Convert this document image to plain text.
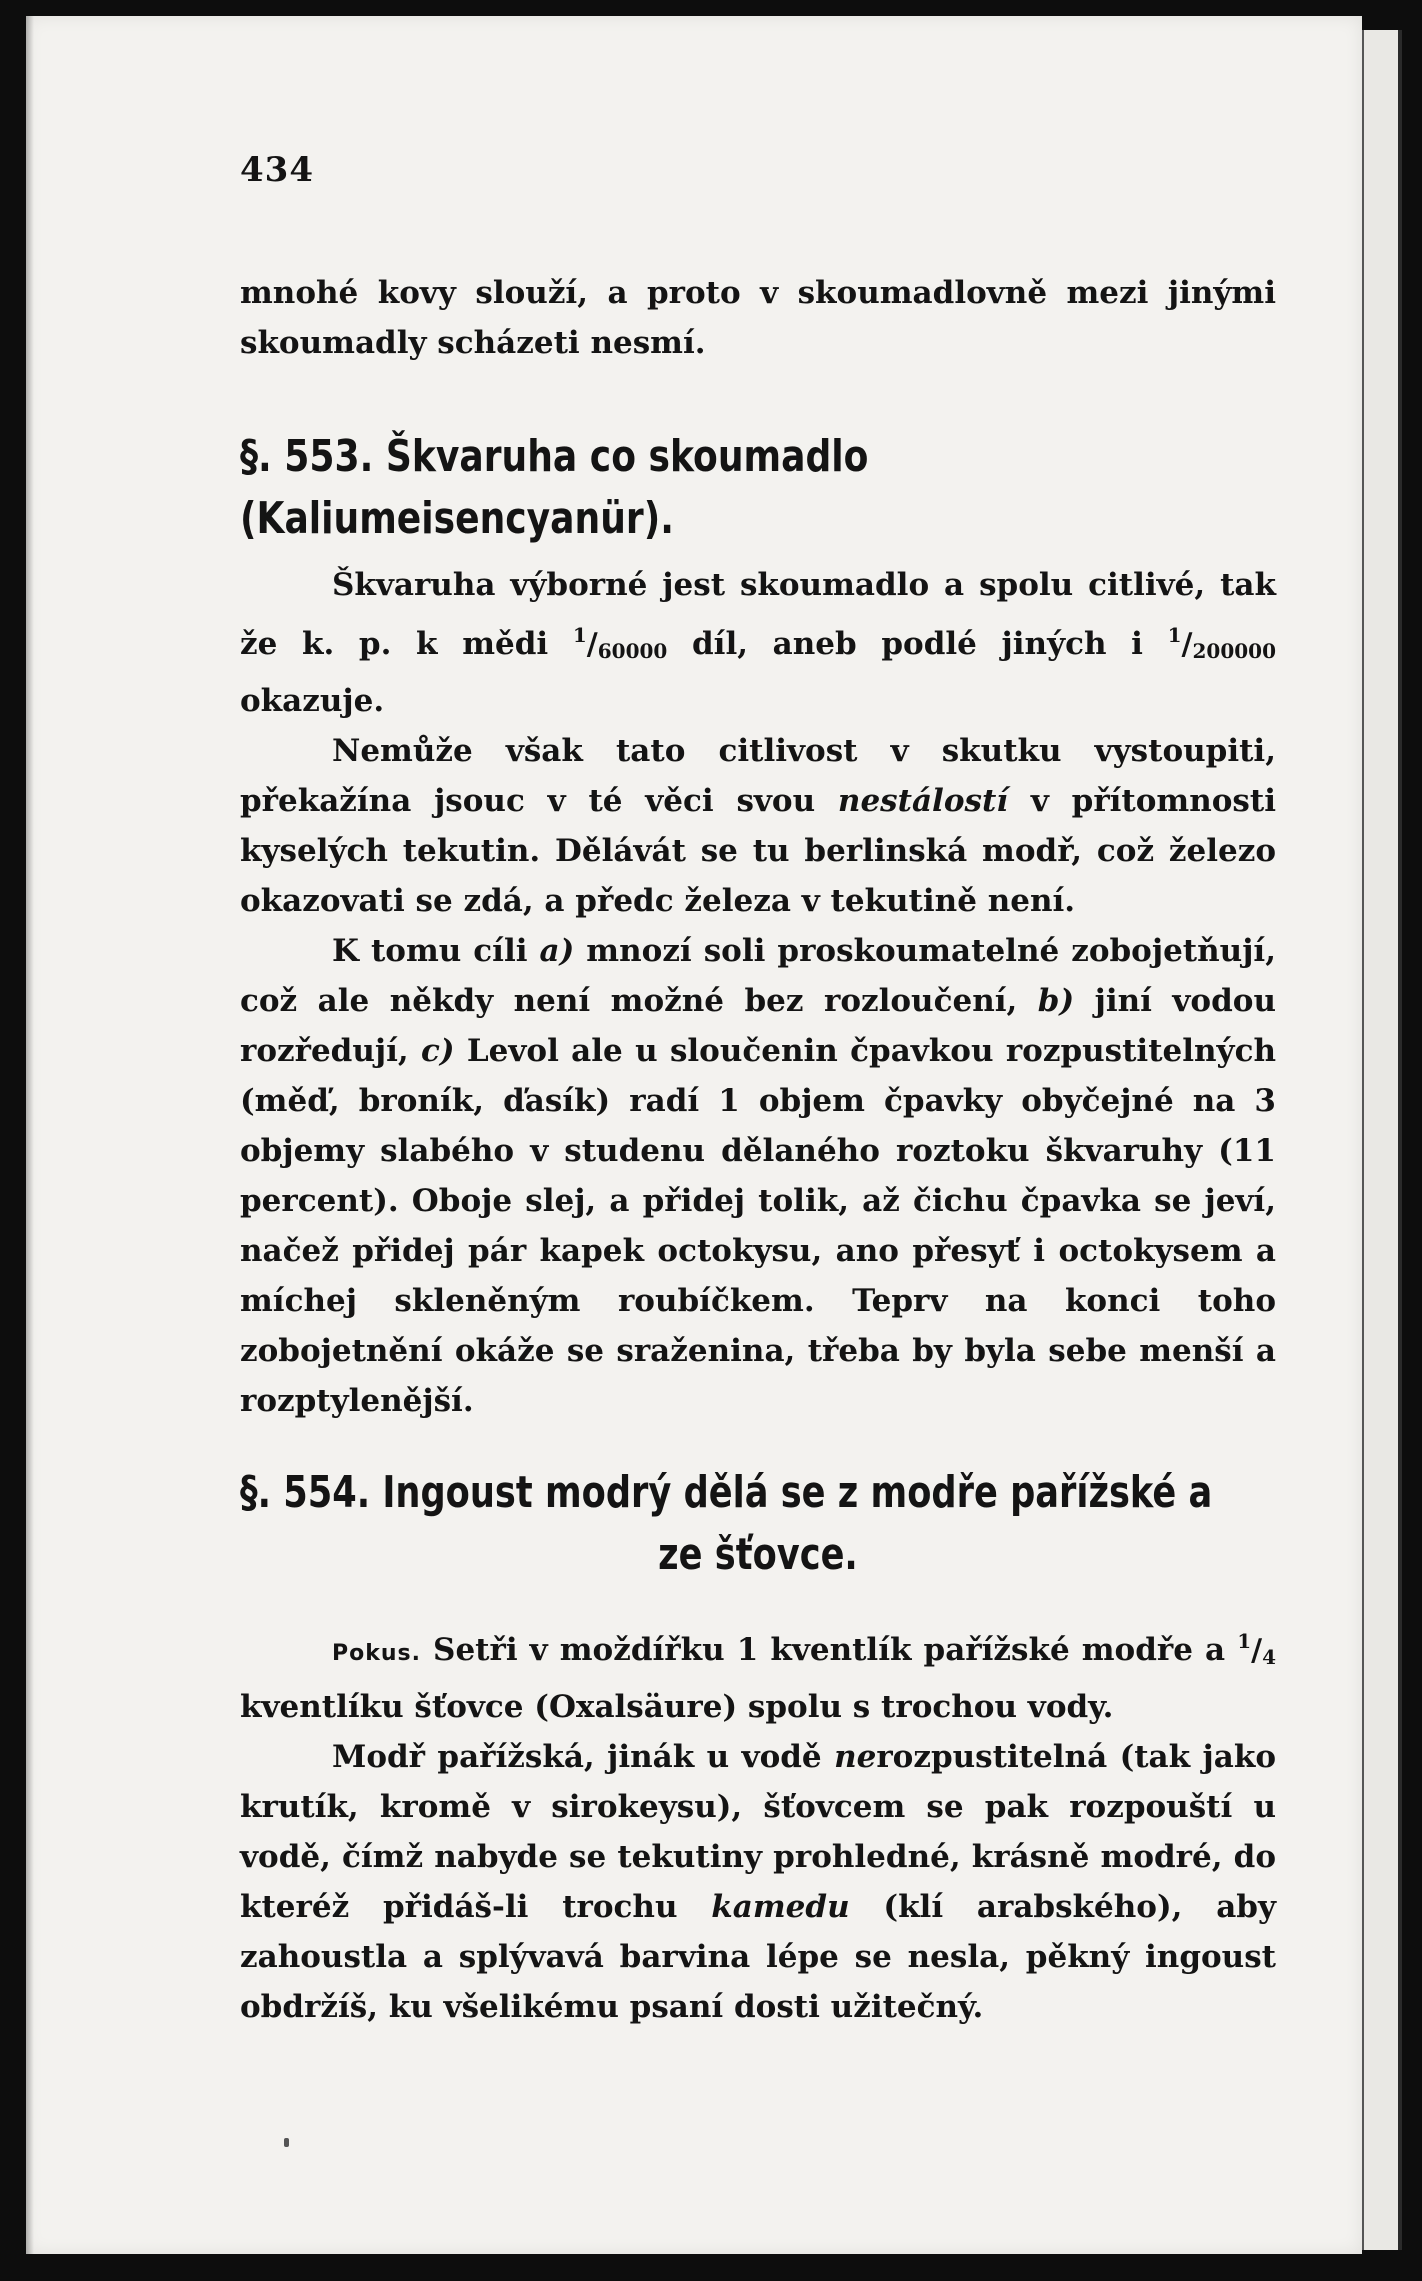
434

mnohé kovy slouží, a proto v skoumadlovně mezi jinými skoumadly scházeti nesmí.

§. 553. Škvaruha co skoumadlo (Kaliumeisencyanür).

Škvaruha výborné jest skoumadlo a spolu citlivé, tak že k. p. k mědi $^1$/60000 díl, aneb podlé jiných i $^1$/200000 okazuje.

Nemůže však tato citlivost v skutku vystoupiti, překažína jsouc v té věci svou nestálostí v přítomnosti kyselých tekutin. Dělávát se tu berlinská modř, což železo okazovati se zdá, a předc železa v tekutině není.

K tomu cíli a) mnozí soli proskoumatelné zobojetňují, což ale někdy není možné bez rozloučení, b) jiní vodou rozředují, c) Levol ale u sloučenin čpavkou rozpustitelných (měď, broník, ďasík) radí 1 objem čpavky obyčejné na 3 objemy slabého v studenu dělaného roztoku škvaruhy (11 percent). Oboje slej, a přidej tolik, až čichu čpavka se jeví, načež přidej pár kapek octokysu, ano přesyť i octokysem a míchej skleněným roubíčkem. Teprv na konci toho zobojetnění okáže se sraženina, třeba by byla sebe menší a rozptylenější.

§. 554. Ingoust modrý dělá se z modře pařížské a
ze šťovce.

Pokus. Setři v moždířku 1 kventlík pařížské modře a $^1$/4 kventlíku šťovce (Oxalsäure) spolu s trochou vody.

Modř pařížská, jinák u vodě nerozpustitelná (tak jako krutík, kromě v sirokeysu), šťovcem se pak rozpouští u vodě, čímž nabyde se tekutiny prohledné, krásně modré, do kteréž přidáš-li trochu kamedu (klí arabského), aby zahoustla a splývavá barvina lépe se nesla, pěkný ingoust obdržíš, ku všelikému psaní dosti užitečný.
